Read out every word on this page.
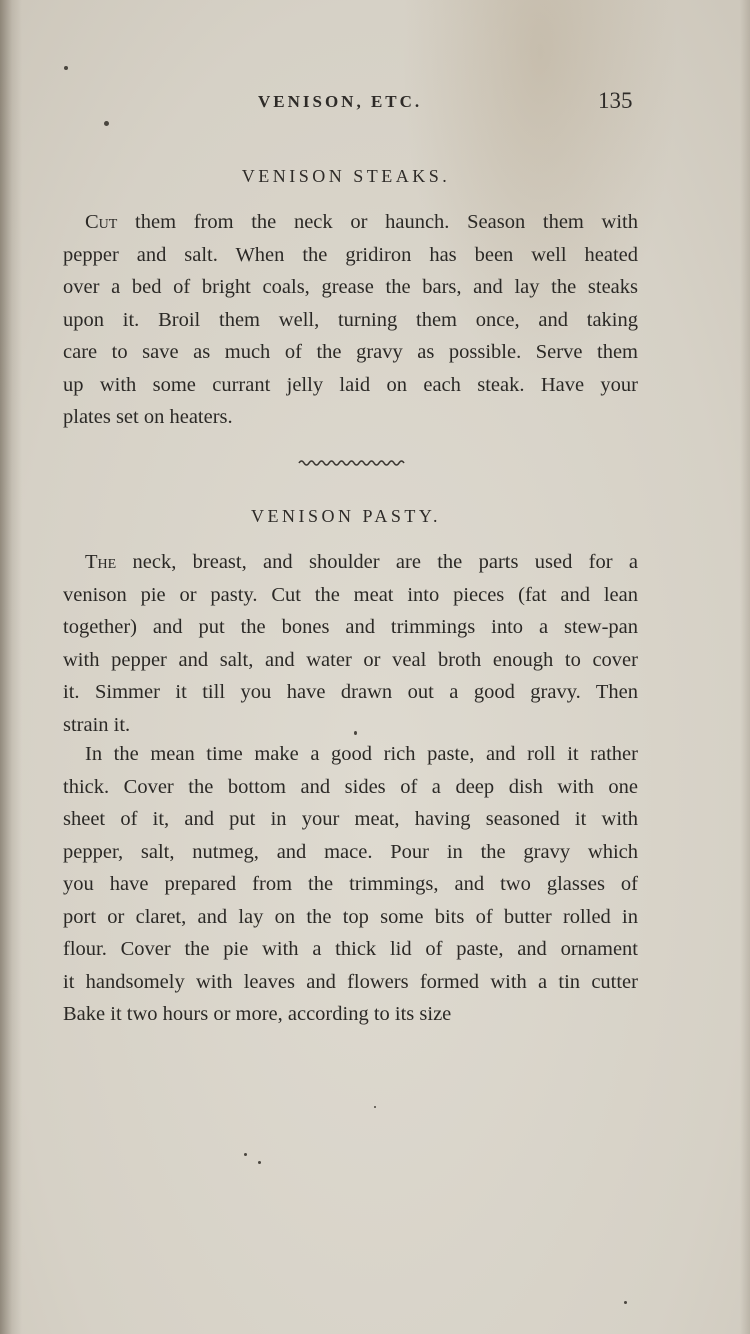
VENISON, ETC.	135
VENISON STEAKS.
Cut them from the neck or haunch. Season them with
pepper and salt. When the gridiron has been well heated
over a bed of bright coals, grease the bars, and lay the steaks
upon it. Broil them well, turning them once, and taking
care to save as much of the gravy as possible. Serve them
up with some currant jelly laid on each steak. Have your
plates set on heaters.
VENISON PASTY.
The neck, breast, and shoulder are the parts used for a
venison pie or pasty. Cut the meat into pieces (fat and lean
together) and put the bones and trimmings into a stew-pan
with pepper and salt, and water or veal broth enough to cover
it. Simmer it till you have drawn out a good gravy. Then
strain it.
In the mean time make a good rich paste, and roll it rather
thick. Cover the bottom and sides of a deep dish with one
sheet of it, and put in your meat, having seasoned it with
pepper, salt, nutmeg, and mace. Pour in the gravy which
you have prepared from the trimmings, and two glasses of
port or claret, and lay on the top some bits of butter rolled in
flour. Cover the pie with a thick lid of paste, and ornament
it handsomely with leaves and flowers formed with a tin cutter
Bake it two hours or more, according to its size
